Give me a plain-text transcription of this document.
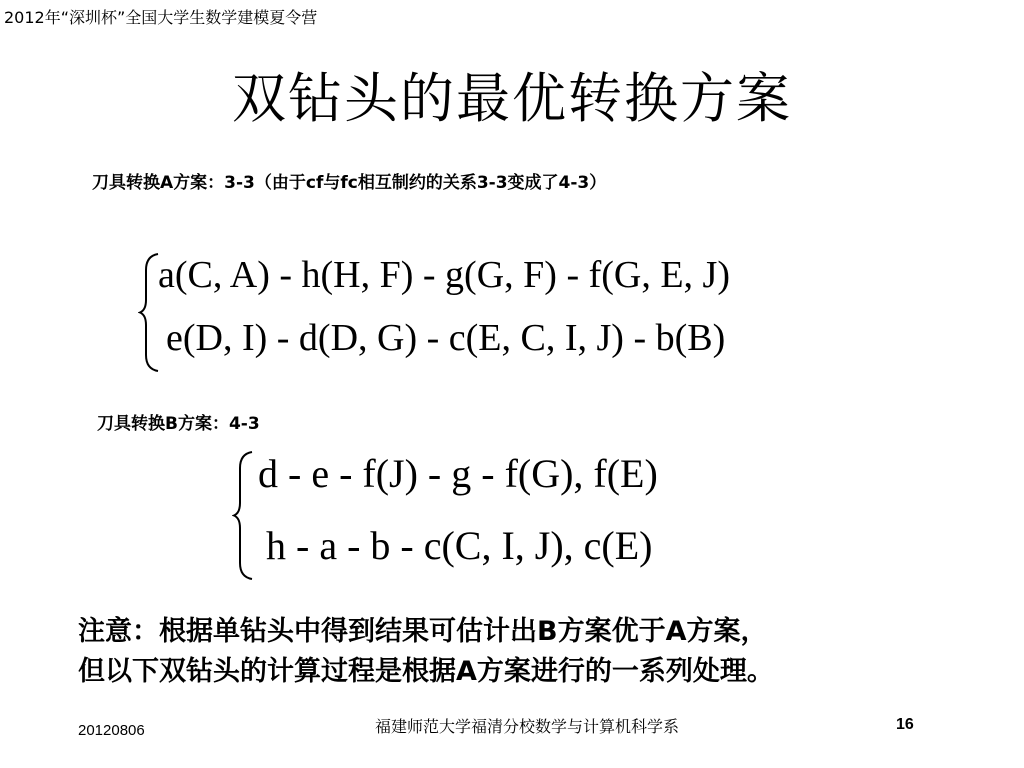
2012年“深圳杯”全国大学生数学建模夏令营
双钻头的最优转换方案
刀具转换A方案：3-3（由于cf与fc相互制约的关系3-3变成了4-3）
a(C, A) - h(H, F) - g(G, F) - f(G, E, J)
e(D, I) - d(D, G) - c(E, C, I, J) - b(B)
刀具转换B方案：4-3
d - e - f(J) - g - f(G), f(E)
h - a - b - c(C, I, J), c(E)
注意：根据单钻头中得到结果可估计出B方案优于A方案，
但以下双钻头的计算过程是根据A方案进行的一系列处理。
20120806	福建师范大学福清分校数学与计算机科学系	16
